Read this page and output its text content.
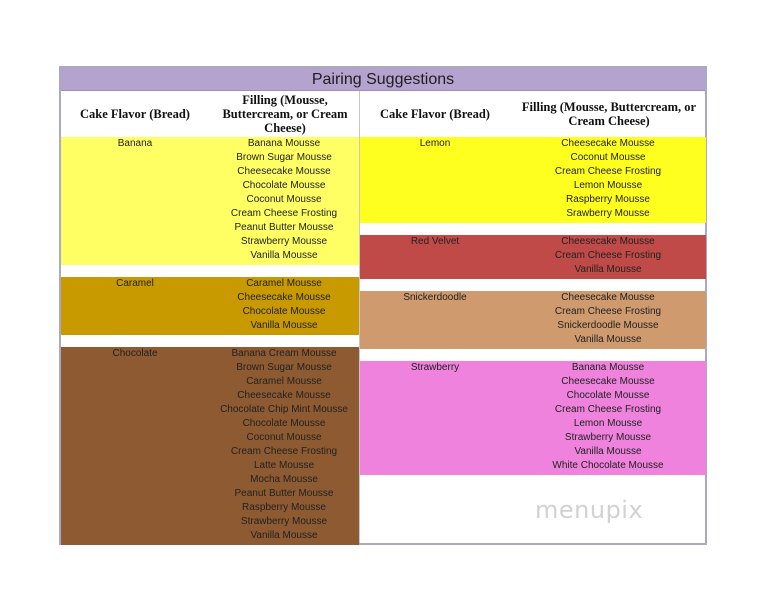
Pairing Suggestions
Cake Flavor (Bread)
Filling (Mousse, Buttercream, or Cream Cheese)
Banana	Banana Mousse
Brown Sugar Mousse
Cheesecake Mousse
Chocolate Mousse
Coconut Mousse
Cream Cheese Frosting
Peanut Butter Mousse
Strawberry Mousse
Vanilla Mousse
Caramel	Caramel Mousse
Cheesecake Mousse
Chocolate Mousse
Vanilla Mousse
Chocolate	Banana Cream Mousse
Brown Sugar Mousse
Caramel Mousse
Cheesecake Mousse
Chocolate Chip Mint Mousse
Chocolate Mousse
Coconut Mousse
Cream Cheese Frosting
Latte Mousse
Mocha Mousse
Peanut Butter Mousse
Raspberry Mousse
Strawberry Mousse
Vanilla Mousse
Cake Flavor (Bread)	Filling (Mousse, Buttercream, or Cream Cheese)
Lemon	Cheesecake Mousse
Coconut Mousse
Cream Cheese Frosting
Lemon Mousse
Raspberry Mousse
Srawberry Mousse
Red Velvet	Cheesecake Mousse
Cream Cheese Frosting
Vanilla Mousse
Snickerdoodle	Cheesecake Mousse
Cream Cheese Frosting
Snickerdoodle Mousse
Vanilla Mousse
Strawberry	Banana Mousse
Cheesecake Mousse
Chocolate Mousse
Cream Cheese Frosting
Lemon Mousse
Strawberry Mousse
Vanilla Mousse
White Chocolate Mousse
menupix
